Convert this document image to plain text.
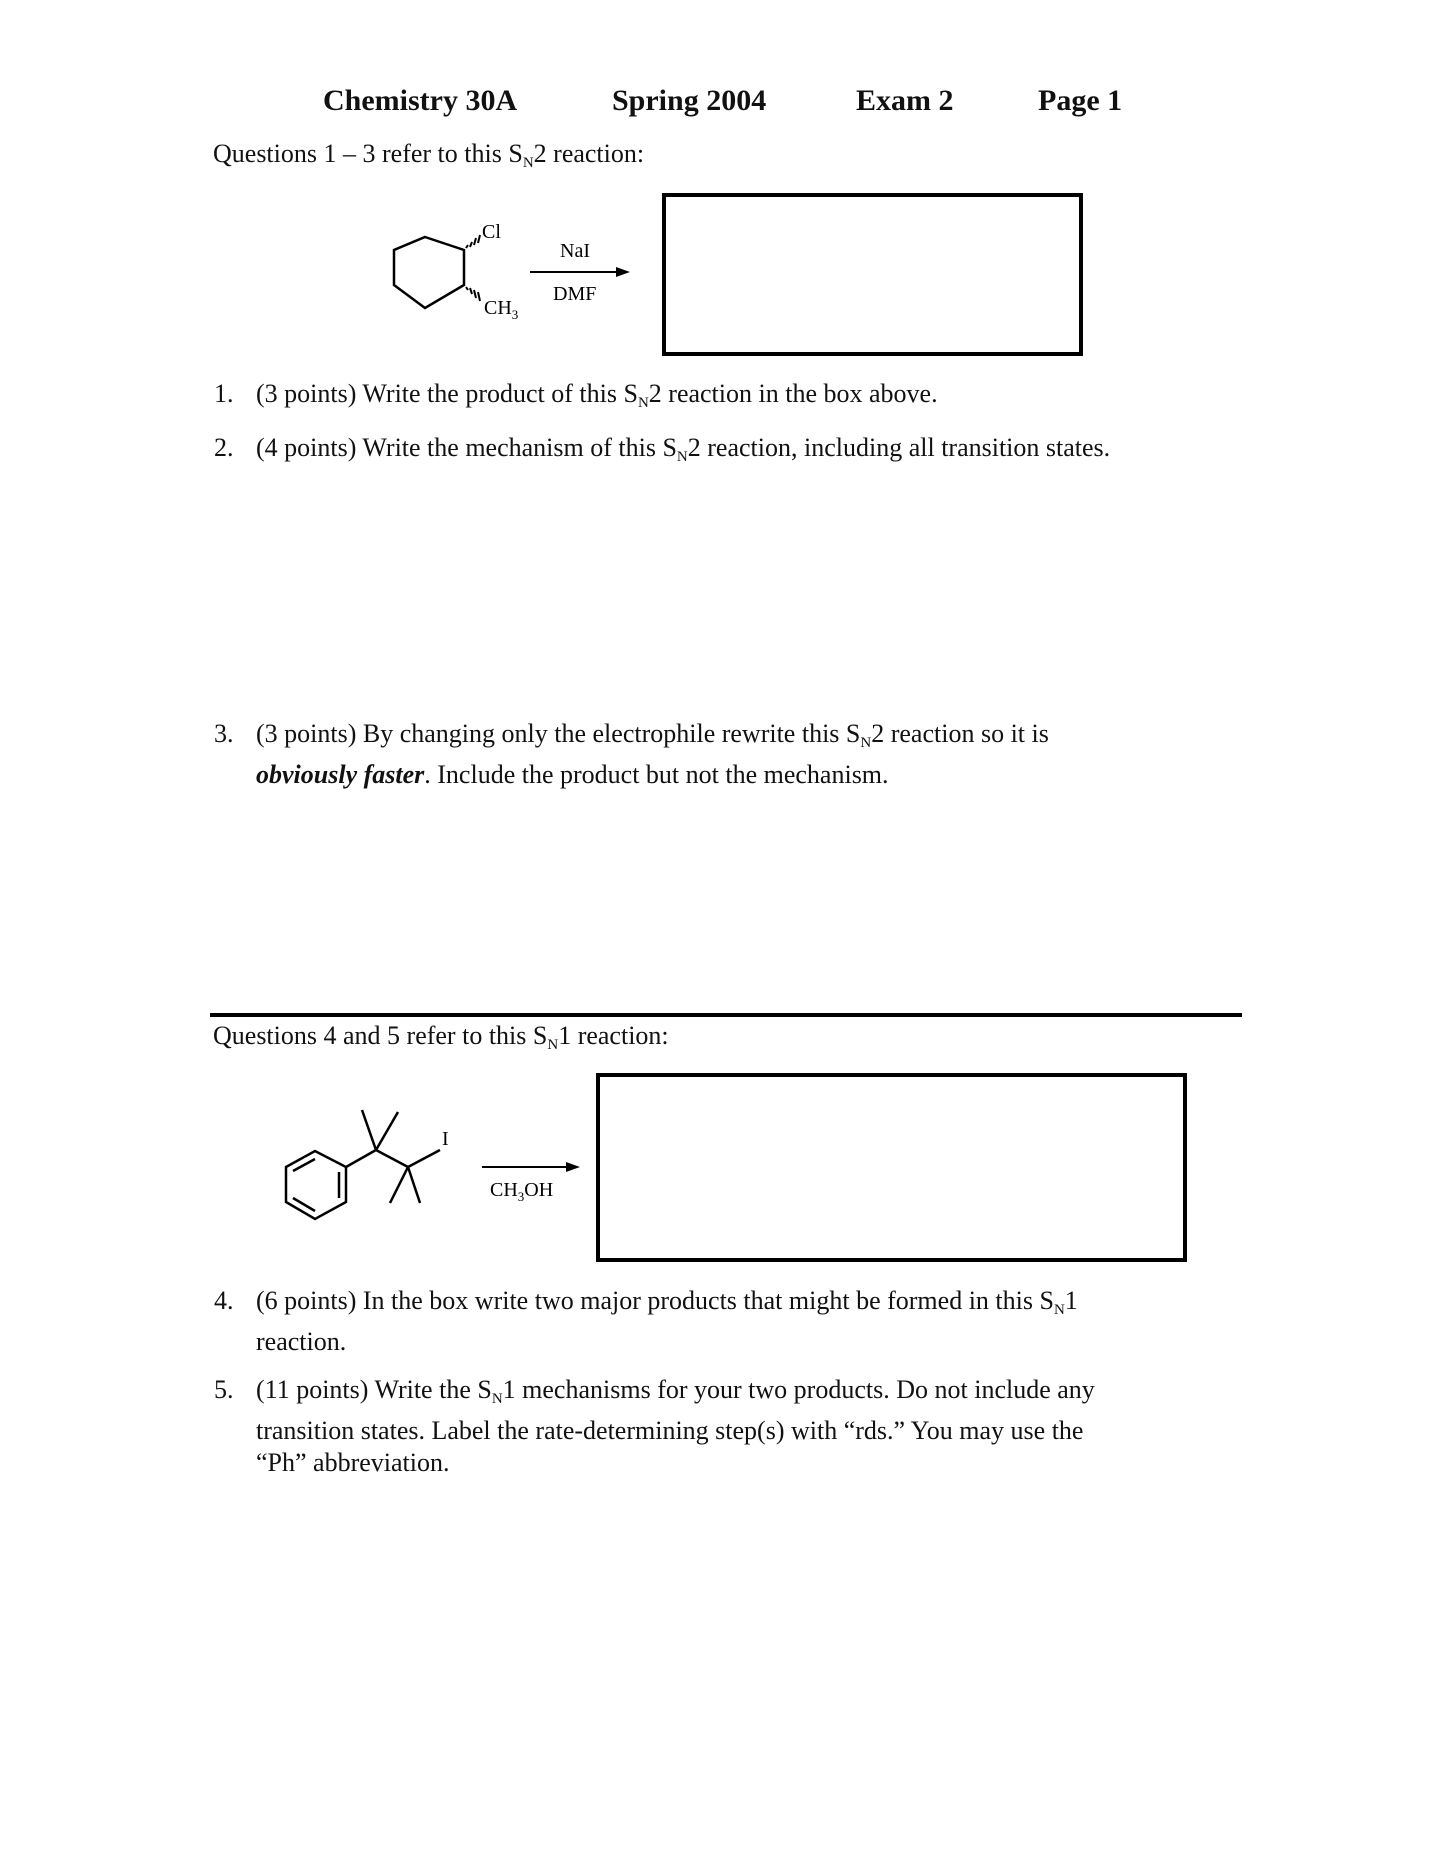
Chemistry 30A	Spring 2004	Exam 2	Page 1
Questions 1 – 3 refer to this $S_N2$ reaction:
Cl
$CH_3$
NaI
DMF
1. (3 points) Write the product of this $S_N2$ reaction in the box above.
2. (4 points) Write the mechanism of this $S_N2$ reaction, including all transition states.
3. (3 points) By changing only the electrophile rewrite this $S_N2$ reaction so it is
obviously faster. Include the product but not the mechanism.
Questions 4 and 5 refer to this $S_N1$ reaction:
I
$CH_3OH$
4. (6 points) In the box write two major products that might be formed in this $S_N1$
reaction.
5. (11 points) Write the $S_N1$ mechanisms for your two products. Do not include any
transition states. Label the rate-determining step(s) with “rds.” You may use the
“Ph” abbreviation.
